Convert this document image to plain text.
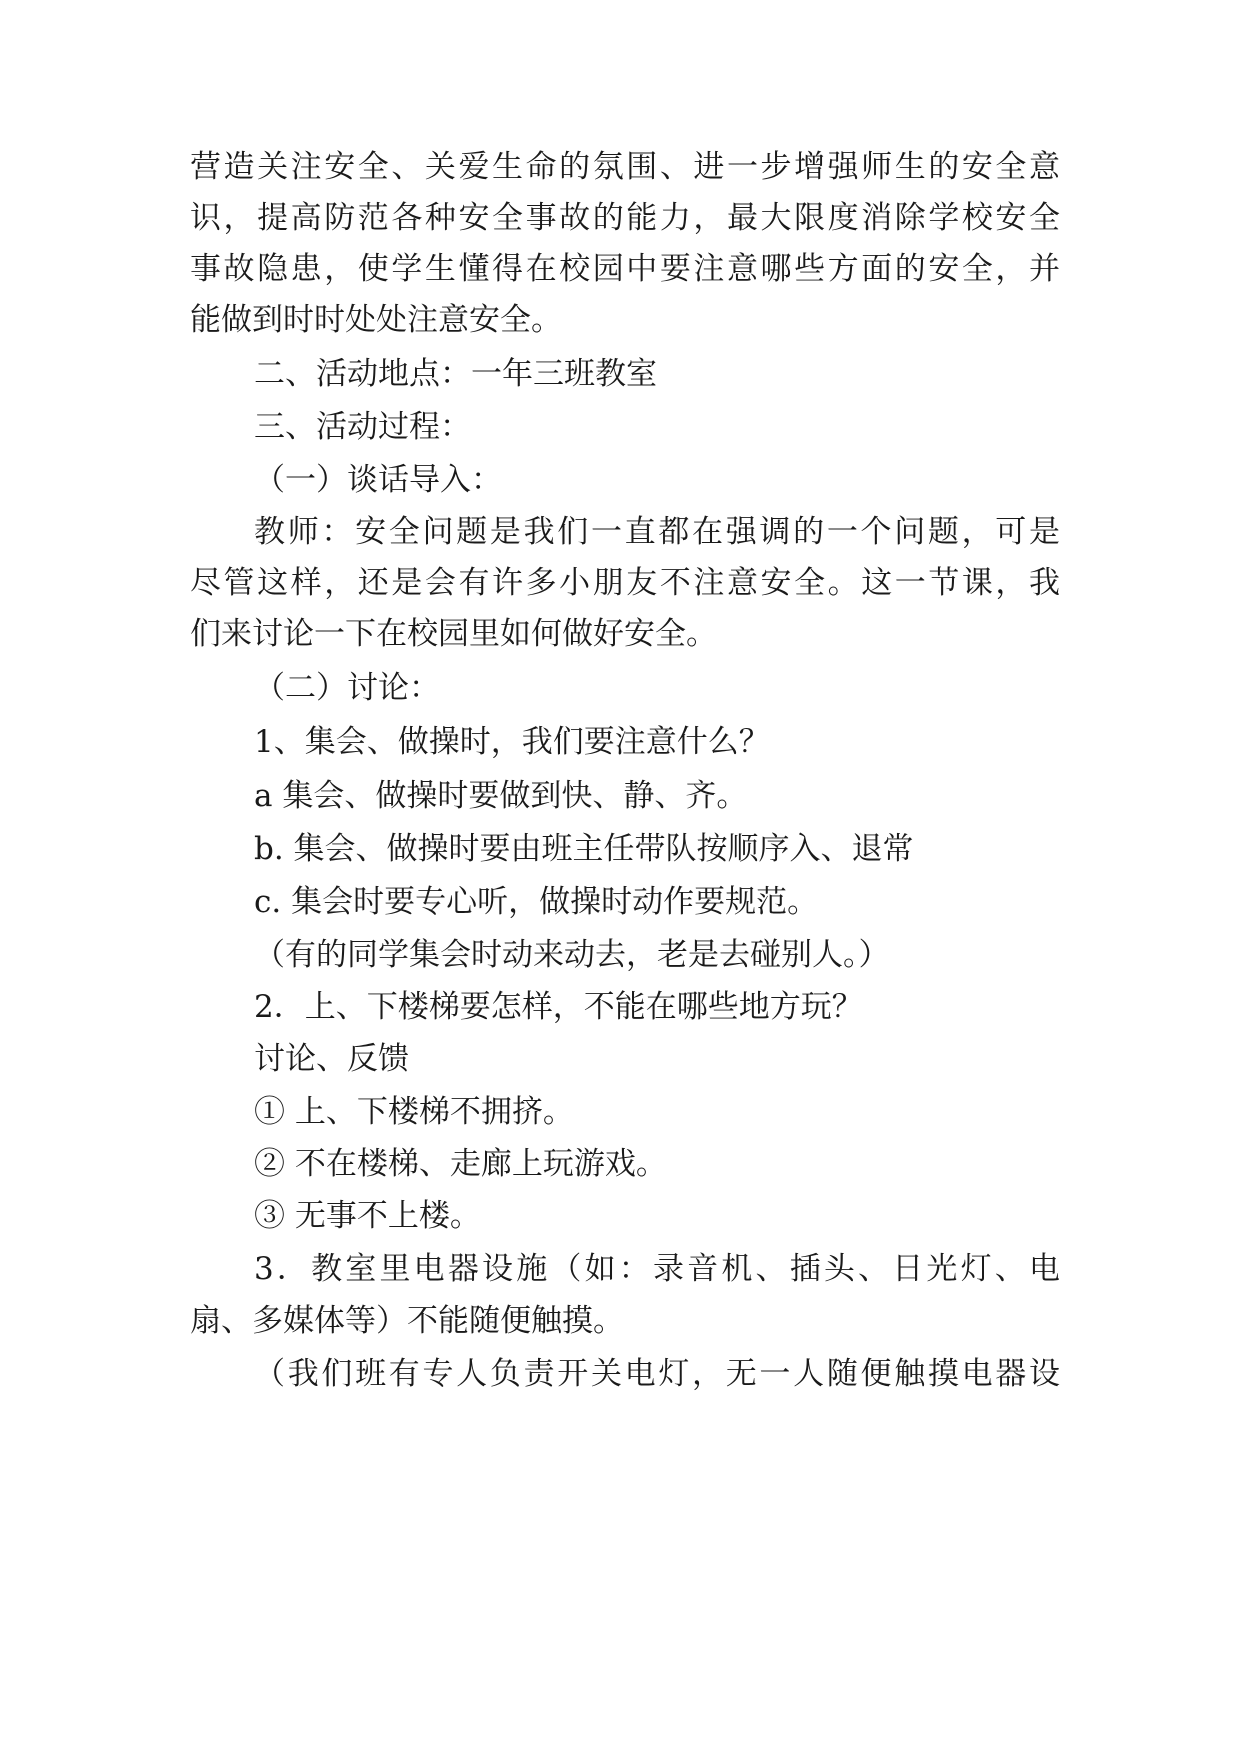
营造关注安全、关爱生命的氛围、进一步增强师生的安全意
识，提高防范各种安全事故的能力，最大限度消除学校安全
事故隐患，使学生懂得在校园中要注意哪些方面的安全，并
能做到时时处处注意安全。
二、活动地点：一年三班教室
三、活动过程：
（一）谈话导入：
教师：安全问题是我们一直都在强调的一个问题，可是
尽管这样，还是会有许多小朋友不注意安全。这一节课，我
们来讨论一下在校园里如何做好安全。
（二）讨论：
1、集会、做操时，我们要注意什么？
a 集会、做操时要做到快、静、齐。
b. 集会、做操时要由班主任带队按顺序入、退常
c. 集会时要专心听，做操时动作要规范。
（有的同学集会时动来动去，老是去碰别人。）
2．上、下楼梯要怎样，不能在哪些地方玩？
讨论、反馈
① 上、下楼梯不拥挤。
② 不在楼梯、走廊上玩游戏。
③ 无事不上楼。
3．教室里电器设施（如：录音机、插头、日光灯、电
扇、多媒体等）不能随便触摸。
（我们班有专人负责开关电灯，无一人随便触摸电器设
